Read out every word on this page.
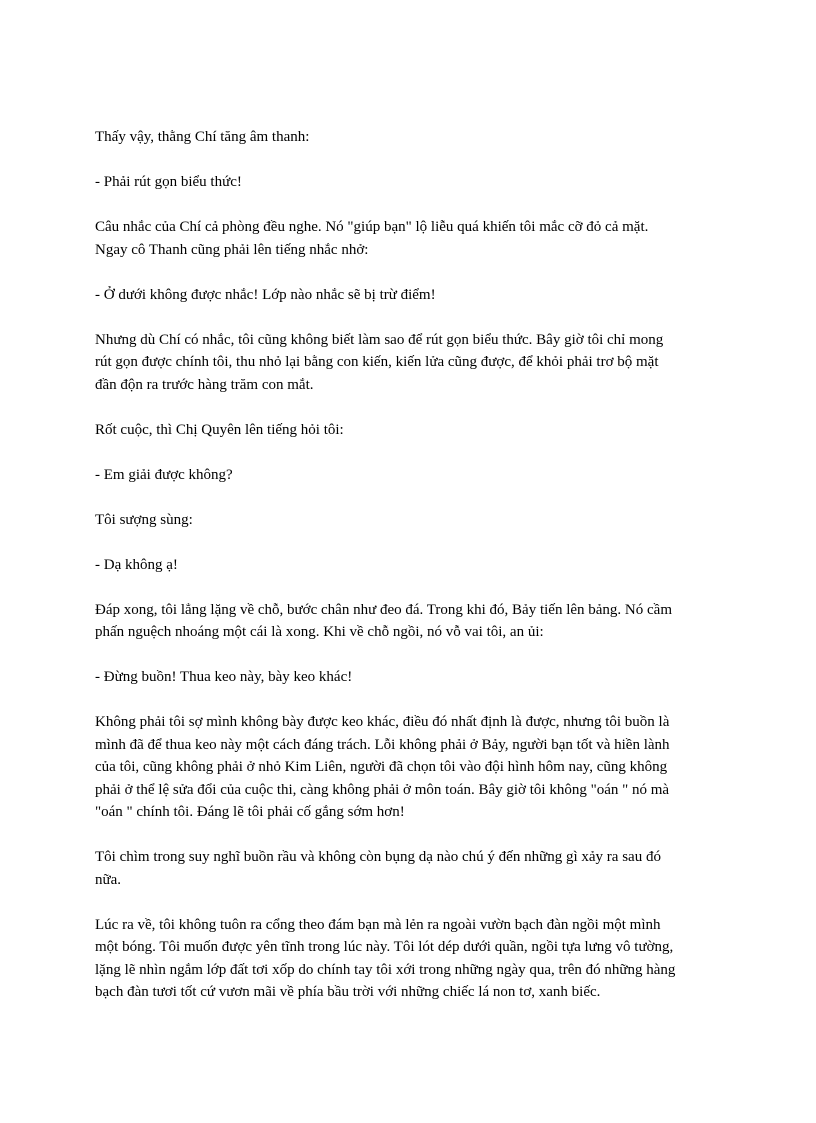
Thấy vậy, thằng Chí tăng âm thanh:

- Phải rút gọn biểu thức!

Câu nhắc của Chí cả phòng đều nghe. Nó "giúp bạn" lộ liễu quá khiến tôi mắc cỡ đỏ cả mặt.
Ngay cô Thanh cũng phải lên tiếng nhắc nhở:

- Ở dưới không được nhắc! Lớp nào nhắc sẽ bị trừ điểm!

Nhưng dù Chí có nhắc, tôi cũng không biết làm sao để rút gọn biểu thức. Bây giờ tôi chỉ mong
rút gọn được chính tôi, thu nhỏ lại bằng con kiến, kiến lửa cũng được, để khỏi phải trơ bộ mặt
đần độn ra trước hàng trăm con mắt.

Rốt cuộc, thì Chị Quyên lên tiếng hỏi tôi:

- Em giải được không?

Tôi sượng sùng:

- Dạ không ạ!

Đáp xong, tôi lẳng lặng về chỗ, bước chân như đeo đá. Trong khi đó, Bảy tiến lên bảng. Nó cầm
phấn nguệch nhoáng một cái là xong. Khi về chỗ ngồi, nó vỗ vai tôi, an ủi:

- Đừng buồn! Thua keo này, bày keo khác!

Không phải tôi sợ mình không bày được keo khác, điều đó nhất định là được, nhưng tôi buồn là
mình đã để thua keo này một cách đáng trách. Lỗi không phải ở Bảy, người bạn tốt và hiền lành
của tôi, cũng không phải ở nhỏ Kim Liên, người đã chọn tôi vào đội hình hôm nay, cũng không
phải ở thể lệ sửa đổi của cuộc thi, càng không phải ở môn toán. Bây giờ tôi không "oán " nó mà
"oán " chính tôi. Đáng lẽ tôi phải cố gắng sớm hơn!

Tôi chìm trong suy nghĩ buồn rầu và không còn bụng dạ nào chú ý đến những gì xảy ra sau đó
nữa.

Lúc ra về, tôi không tuôn ra cổng theo đám bạn mà lẻn ra ngoài vườn bạch đàn ngồi một mình
một bóng. Tôi muốn được yên tĩnh trong lúc này. Tôi lót dép dưới quần, ngồi tựa lưng vô tường,
lặng lẽ nhìn ngắm lớp đất tơi xốp do chính tay tôi xới trong những ngày qua, trên đó những hàng
bạch đàn tươi tốt cứ vươn mãi về phía bầu trời với những chiếc lá non tơ, xanh biếc.
